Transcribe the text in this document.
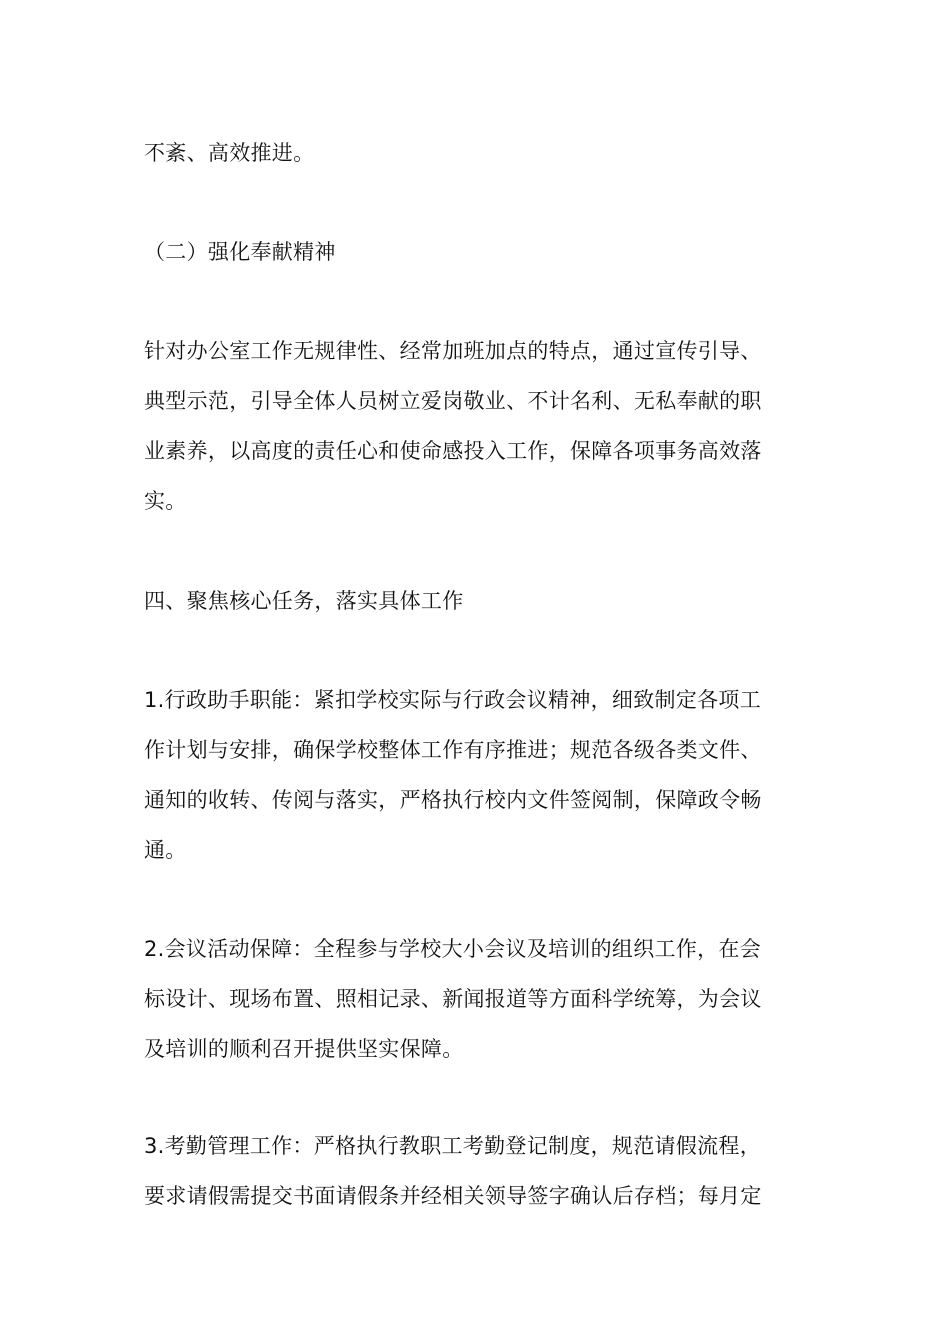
不紊、高效推进。

（二）强化奉献精神

针对办公室工作无规律性、经常加班加点的特点，通过宣传引导、
典型示范，引导全体人员树立爱岗敬业、不计名利、无私奉献的职
业素养，以高度的责任心和使命感投入工作，保障各项事务高效落
实。

四、聚焦核心任务，落实具体工作

1.行政助手职能：紧扣学校实际与行政会议精神，细致制定各项工
作计划与安排，确保学校整体工作有序推进；规范各级各类文件、
通知的收转、传阅与落实，严格执行校内文件签阅制，保障政令畅
通。

2.会议活动保障：全程参与学校大小会议及培训的组织工作，在会
标设计、现场布置、照相记录、新闻报道等方面科学统筹，为会议
及培训的顺利召开提供坚实保障。

3.考勤管理工作：严格执行教职工考勤登记制度，规范请假流程，
要求请假需提交书面请假条并经相关领导签字确认后存档；每月定
